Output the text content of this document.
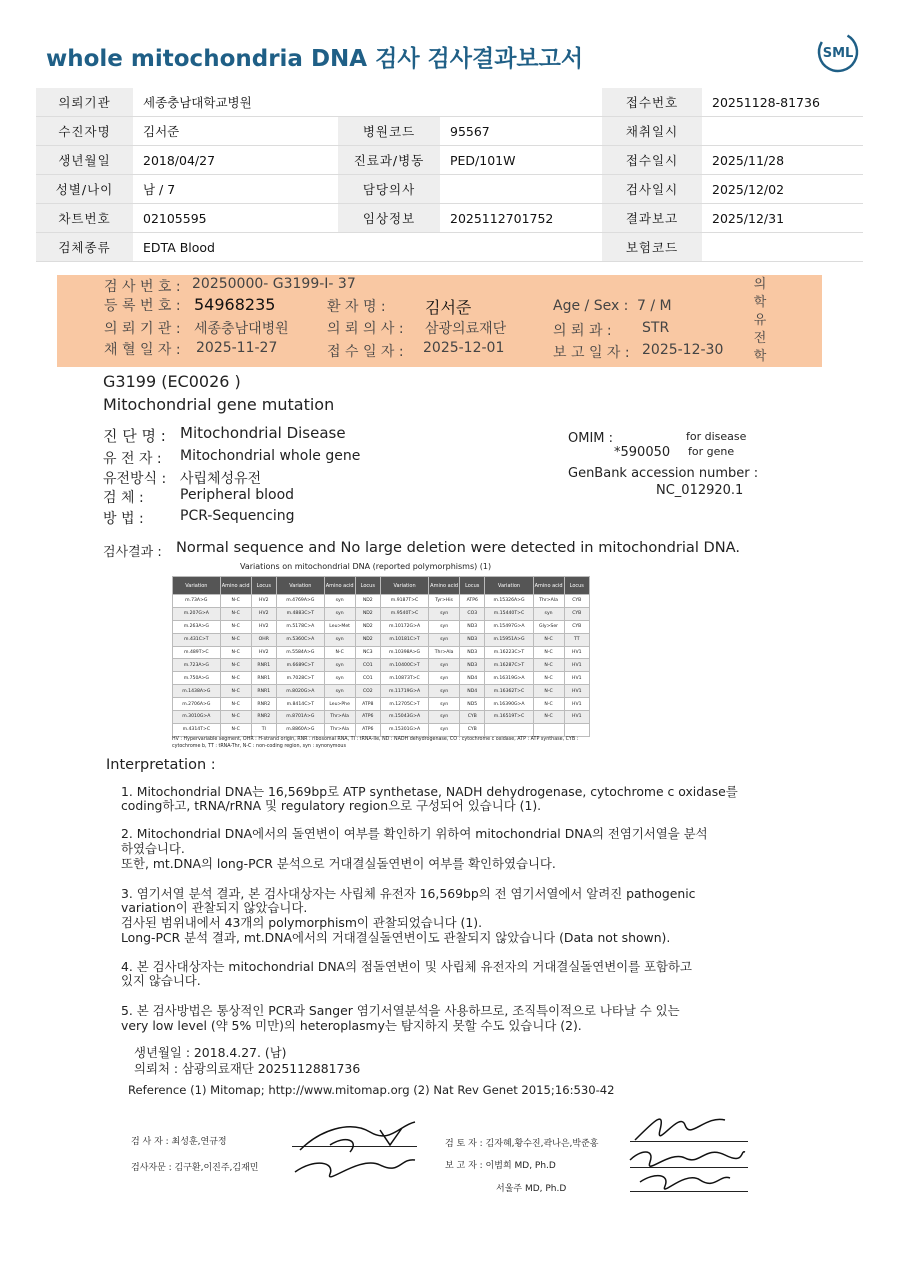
whole mitochondria DNA 검사 검사결과보고서	SML
의뢰기관	세종충남대학교병원			접수번호	20251128-81736
수진자명	김서준	병원코드	95567	채취일시	
생년월일	2018/04/27	진료과/병동	PED/101W	접수일시	2025/11/28
성별/나이	남 / 7	담당의사		검사일시	2025/12/02
차트번호	02105595	임상정보	2025112701752	결과보고	2025/12/31
검체종류	EDTA Blood			보험코드	
검 사 번 호 : 20250000- G3199-I- 37
등 록 번 호 : 54968235	환 자 명 : 김서준	Age / Sex : 7 / M
의 뢰 기 관 : 세종충남대병원	의 뢰 의 사 : 삼광의료재단	의 뢰 과 : STR
채 혈 일 자 : 2025-11-27	접 수 일 자 : 2025-12-01	보 고 일 자 : 2025-12-30
의학유전학
G3199 (EC0026 )
Mitochondrial gene mutation
진 단 명 : Mitochondrial Disease
유 전 자 : Mitochondrial whole gene
유전방식 : 사립체성유전
검 체 :	Peripheral blood
방 법 :	PCR-Sequencing
OMIM :	for disease
*590050 for gene
GenBank accession number :
NC_012920.1
검사결과 : Normal sequence and No large deletion were detected in mitochondrial DNA.
Variations on mitochondrial DNA (reported polymorphisms) (1)
Variation	Amino acid	Locus	Variation	Amino acid	Locus	Variation	Amino acid	Locus	Variation	Amino acid	Locus
m.73A>G	N-C	HV2	m.4769A>G	syn	ND2	m.9187T>C	Tyr>His	ATP6	m.15326A>G	Thr>Ala	CYB
m.207G>A	N-C	HV2	m.4883C>T	syn	ND2	m.9540T>C	syn	CO3	m.15440T>C	syn	CYB
m.263A>G	N-C	HV2	m.5178C>A	Leu>Met	ND2	m.10172G>A	syn	ND3	m.15497G>A	Gly>Ser	CYB
m.431C>T	N-C	OHR	m.5360C>A	syn	ND2	m.10181C>T	syn	ND3	m.15951A>G	N-C	TT
m.489T>C	N-C	HV2	m.5584A>G	N-C	NC3	m.10398A>G	Thr>Ala	ND3	m.16223C>T	N-C	HV1
m.723A>G	N-C	RNR1	m.6689C>T	syn	CO1	m.10400C>T	syn	ND3	m.16287C>T	N-C	HV1
m.750A>G	N-C	RNR1	m.7028C>T	syn	CO1	m.10873T>C	syn	ND4	m.16319G>A	N-C	HV1
m.1438A>G	N-C	RNR1	m.8020G>A	syn	CO2	m.11719G>A	syn	ND4	m.16362T>C	N-C	HV1
m.2706A>G	N-C	RNR2	m.8414C>T	Leu>Phe	ATP8	m.12705C>T	syn	ND5	m.16390G>A	N-C	HV1
m.3010G>A	N-C	RNR2	m.8701A>G	Thr>Ala	ATP6	m.15043G>A	syn	CYB	m.16519T>C	N-C	HV1
m.4314T>C	N-C	TI	m.8860A>G	Thr>Ala	ATP6	m.15301G>A	syn	CYB			
HV : Hypervariable segment, OHR : H-strand origin, RNR : ribosomal RNA, TI : tRNA-Ile, ND : NADH dehydrogenase, CO : cytochrome c oxidase, ATP : ATP synthase, CYB : cytochrome b, TT : tRNA-Thr, N-C : non-coding region, syn : synonymous
Interpretation :
1. Mitochondrial DNA는 16,569bp로 ATP synthetase, NADH dehydrogenase, cytochrome c oxidase를
coding하고, tRNA/rRNA 및 regulatory region으로 구성되어 있습니다 (1).
2. Mitochondrial DNA에서의 돌연변이 여부를 확인하기 위하여 mitochondrial DNA의 전염기서열을 분석
하였습니다.
또한, mt.DNA의 long-PCR 분석으로 거대결실돌연변이 여부를 확인하였습니다.
3. 염기서열 분석 결과, 본 검사대상자는 사립체 유전자 16,569bp의 전 염기서열에서 알려진 pathogenic
variation이 관찰되지 않았습니다.
검사된 범위내에서 43개의 polymorphism이 관찰되었습니다 (1).
Long-PCR 분석 결과, mt.DNA에서의 거대결실돌연변이도 관찰되지 않았습니다 (Data not shown).
4. 본 검사대상자는 mitochondrial DNA의 점돌연변이 및 사립체 유전자의 거대결실돌연변이를 포함하고
있지 않습니다.
5. 본 검사방법은 통상적인 PCR과 Sanger 염기서열분석을 사용하므로, 조직특이적으로 나타날 수 있는
very low level (약 5% 미만)의 heteroplasmy는 탐지하지 못할 수도 있습니다 (2).
생년월일 : 2018.4.27. (남)
의뢰처 : 삼광의료재단 2025112881736
Reference (1) Mitomap; http://www.mitomap.org (2) Nat Rev Genet 2015;16:530-42
검 사 자 : 최성훈,연규정
검사자문 : 김구환,이진주,김재민
검 토 자 : 김자혜,황수진,곽나은,박준홍
보 고 자 : 이범희 MD, Ph.D
서울주 MD, Ph.D
